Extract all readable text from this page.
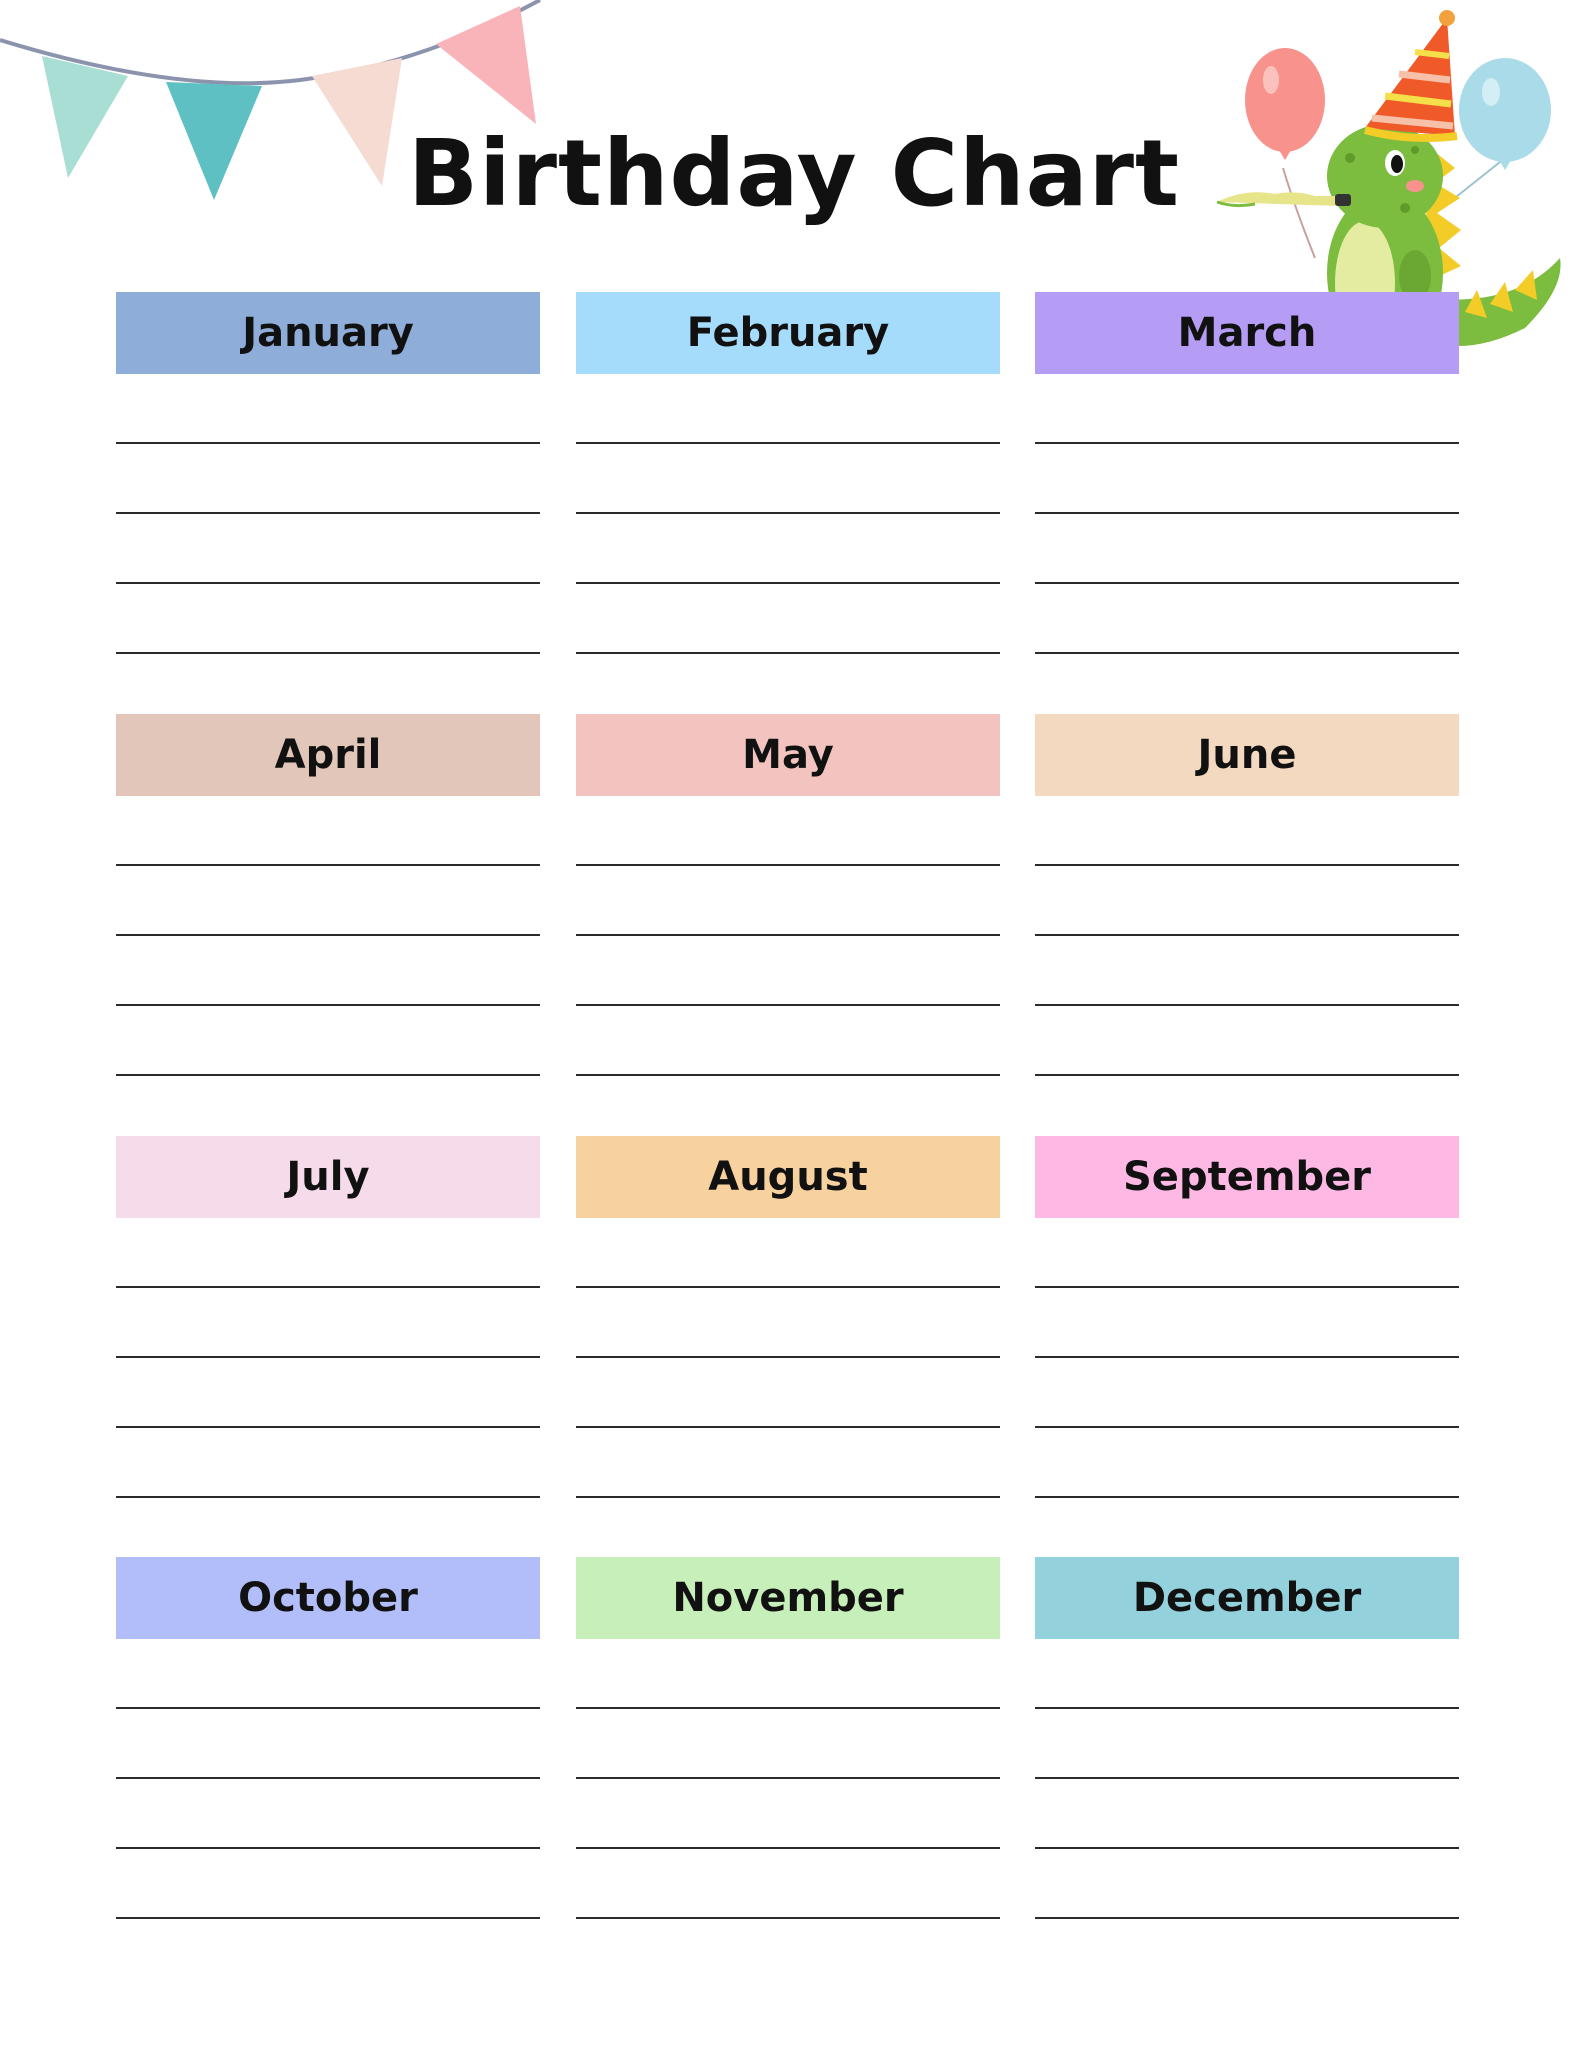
Birthday Chart
January	February	March
April	May	June
July	August	September
October	November	December
